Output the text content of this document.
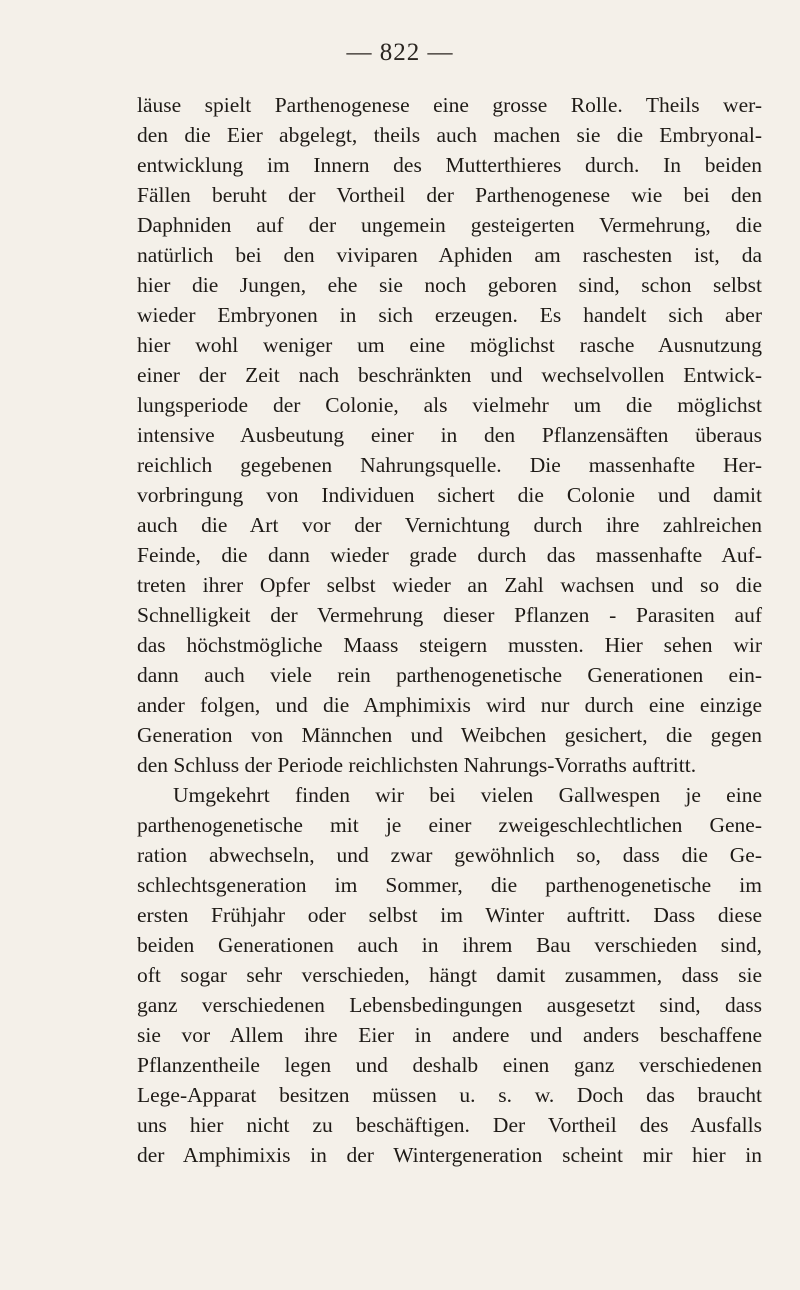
— 822 —
läuse spielt Parthenogenese eine grosse Rolle. Theils wer-
den die Eier abgelegt, theils auch machen sie die Embryonal-
entwicklung im Innern des Mutterthieres durch. In beiden
Fällen beruht der Vortheil der Parthenogenese wie bei den
Daphniden auf der ungemein gesteigerten Vermehrung, die
natürlich bei den viviparen Aphiden am raschesten ist, da
hier die Jungen, ehe sie noch geboren sind, schon selbst
wieder Embryonen in sich erzeugen. Es handelt sich aber
hier wohl weniger um eine möglichst rasche Ausnutzung
einer der Zeit nach beschränkten und wechselvollen Entwick-
lungsperiode der Colonie, als vielmehr um die möglichst
intensive Ausbeutung einer in den Pflanzensäften überaus
reichlich gegebenen Nahrungsquelle. Die massenhafte Her-
vorbringung von Individuen sichert die Colonie und damit
auch die Art vor der Vernichtung durch ihre zahlreichen
Feinde, die dann wieder grade durch das massenhafte Auf-
treten ihrer Opfer selbst wieder an Zahl wachsen und so die
Schnelligkeit der Vermehrung dieser Pflanzen - Parasiten auf
das höchstmögliche Maass steigern mussten. Hier sehen wir
dann auch viele rein parthenogenetische Generationen ein-
ander folgen, und die Amphimixis wird nur durch eine einzige
Generation von Männchen und Weibchen gesichert, die gegen
den Schluss der Periode reichlichsten Nahrungs-Vorraths auftritt.
Umgekehrt finden wir bei vielen Gallwespen je eine
parthenogenetische mit je einer zweigeschlechtlichen Gene-
ration abwechseln, und zwar gewöhnlich so, dass die Ge-
schlechtsgeneration im Sommer, die parthenogenetische im
ersten Frühjahr oder selbst im Winter auftritt. Dass diese
beiden Generationen auch in ihrem Bau verschieden sind,
oft sogar sehr verschieden, hängt damit zusammen, dass sie
ganz verschiedenen Lebensbedingungen ausgesetzt sind, dass
sie vor Allem ihre Eier in andere und anders beschaffene
Pflanzentheile legen und deshalb einen ganz verschiedenen
Lege-Apparat besitzen müssen u. s. w. Doch das braucht
uns hier nicht zu beschäftigen. Der Vortheil des Ausfalls
der Amphimixis in der Wintergeneration scheint mir hier in
